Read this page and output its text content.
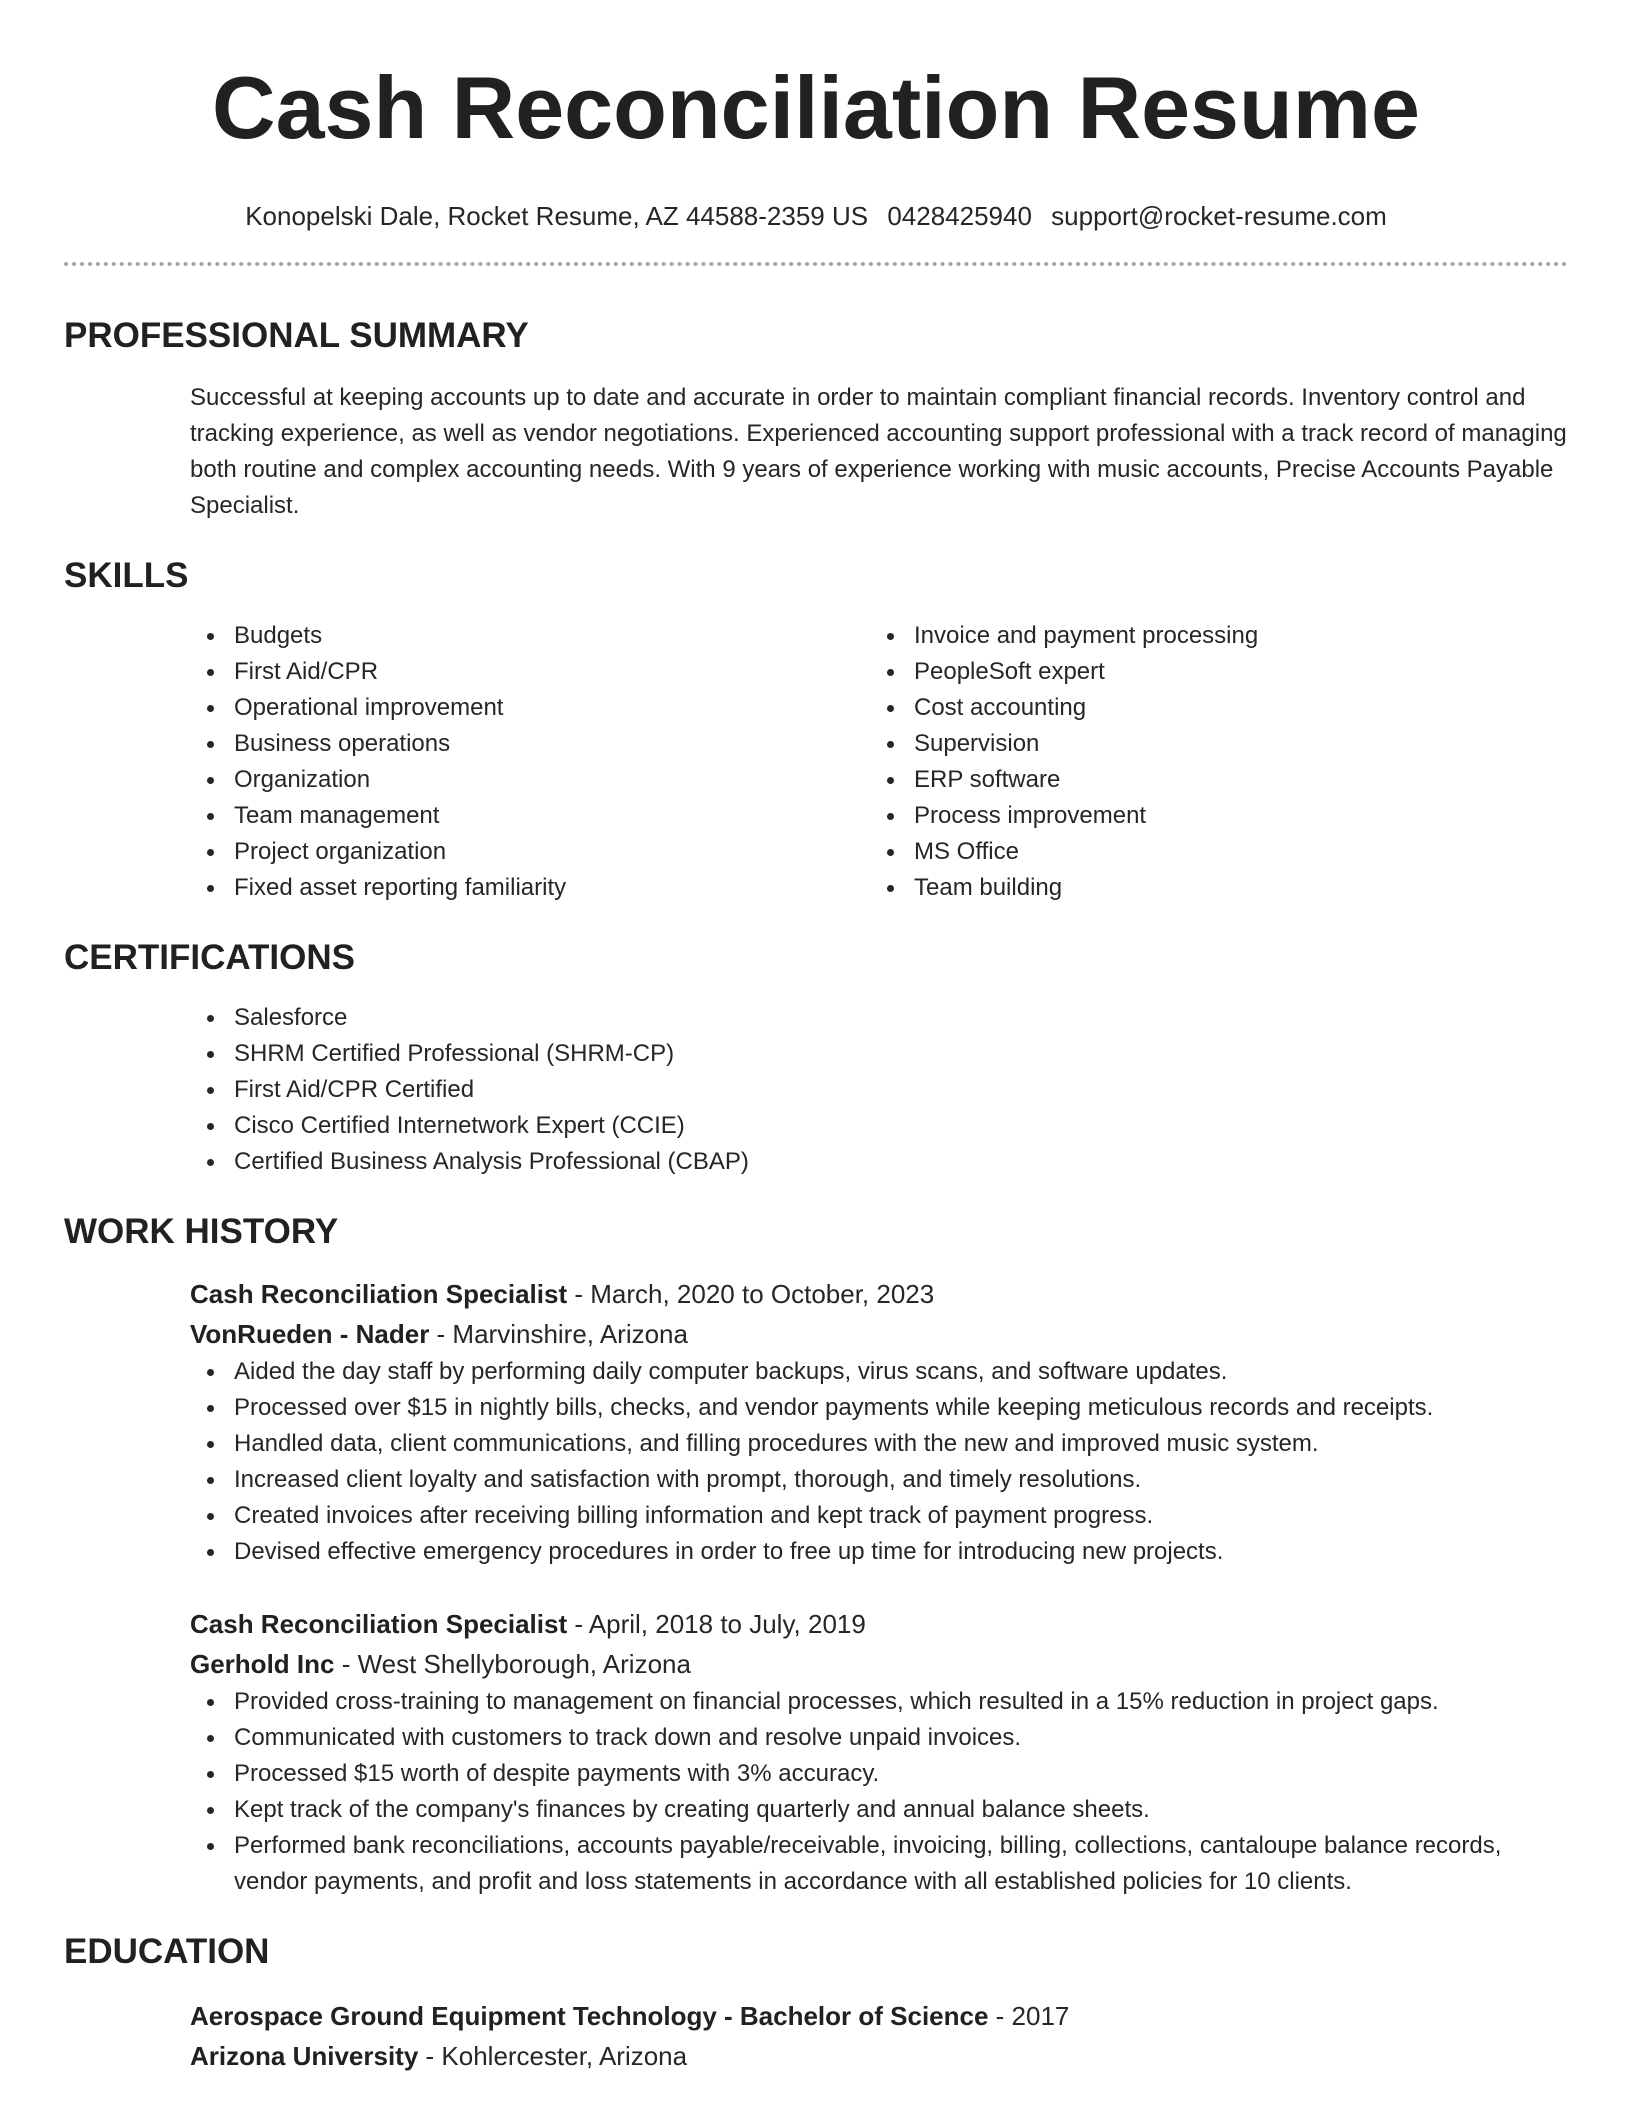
Cash Reconciliation Resume
Konopelski Dale, Rocket Resume, AZ 44588-2359 US 0428425940 support@rocket-resume.com
PROFESSIONAL SUMMARY
Successful at keeping accounts up to date and accurate in order to maintain compliant financial records. Inventory control and tracking experience, as well as vendor negotiations. Experienced accounting support professional with a track record of managing both routine and complex accounting needs. With 9 years of experience working with music accounts, Precise Accounts Payable Specialist.
SKILLS
Budgets
First Aid/CPR
Operational improvement
Business operations
Organization
Team management
Project organization
Fixed asset reporting familiarity
Invoice and payment processing
PeopleSoft expert
Cost accounting
Supervision
ERP software
Process improvement
MS Office
Team building
CERTIFICATIONS
Salesforce
SHRM Certified Professional (SHRM-CP)
First Aid/CPR Certified
Cisco Certified Internetwork Expert (CCIE)
Certified Business Analysis Professional (CBAP)
WORK HISTORY
Cash Reconciliation Specialist - March, 2020 to October, 2023
VonRueden - Nader - Marvinshire, Arizona
Aided the day staff by performing daily computer backups, virus scans, and software updates.
Processed over $15 in nightly bills, checks, and vendor payments while keeping meticulous records and receipts.
Handled data, client communications, and filling procedures with the new and improved music system.
Increased client loyalty and satisfaction with prompt, thorough, and timely resolutions.
Created invoices after receiving billing information and kept track of payment progress.
Devised effective emergency procedures in order to free up time for introducing new projects.
Cash Reconciliation Specialist - April, 2018 to July, 2019
Gerhold Inc - West Shellyborough, Arizona
Provided cross-training to management on financial processes, which resulted in a 15% reduction in project gaps.
Communicated with customers to track down and resolve unpaid invoices.
Processed $15 worth of despite payments with 3% accuracy.
Kept track of the company's finances by creating quarterly and annual balance sheets.
Performed bank reconciliations, accounts payable/receivable, invoicing, billing, collections, cantaloupe balance records, vendor payments, and profit and loss statements in accordance with all established policies for 10 clients.
EDUCATION
Aerospace Ground Equipment Technology - Bachelor of Science - 2017
Arizona University - Kohlercester, Arizona
